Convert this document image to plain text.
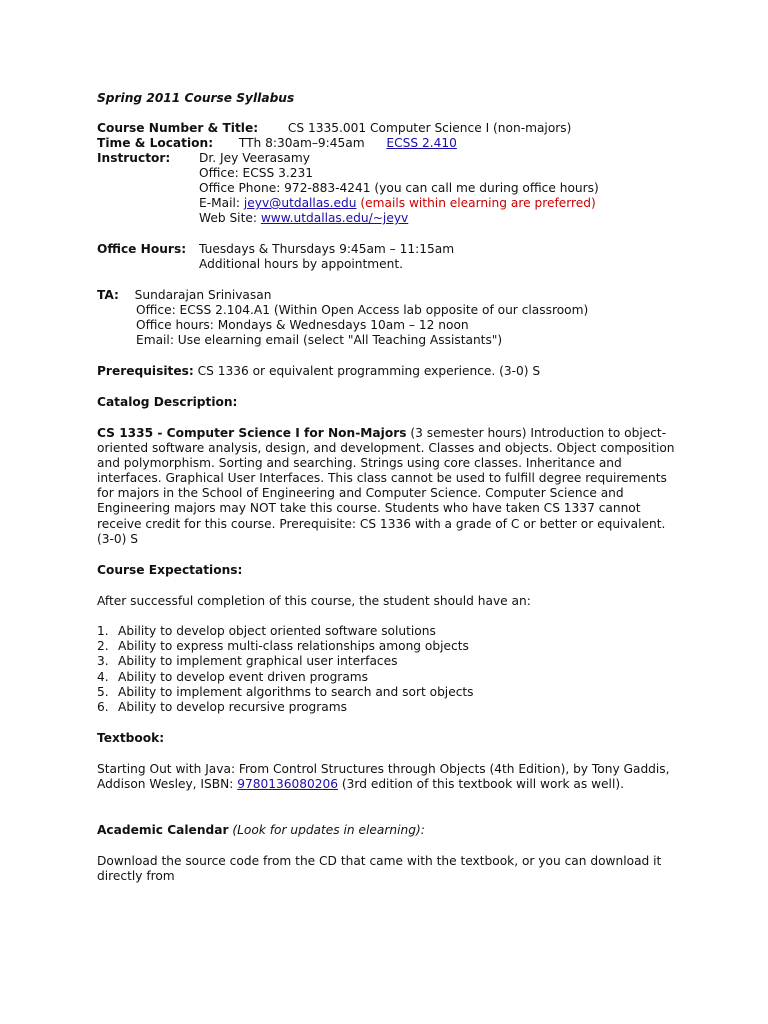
Spring 2011 Course Syllabus

Course Number & Title: CS 1335.001 Computer Science I (non-majors)

Time & Location: TTh 8:30am–9:45am ECSS 2.410

Instructor: Dr. Jey Veerasamy

Office: ECSS 3.231

Office Phone: 972-883-4241 (you can call me during office hours)

E-Mail: jeyv@utdallas.edu (emails within elearning are preferred)

Web Site: www.utdallas.edu/~jeyv

Office Hours: Tuesdays & Thursdays 9:45am – 11:15am

Additional hours by appointment.

TA: Sundarajan Srinivasan

Office: ECSS 2.104.A1 (Within Open Access lab opposite of our classroom)

Office hours: Mondays & Wednesdays 10am – 12 noon

Email: Use elearning email (select "All Teaching Assistants")

Prerequisites: CS 1336 or equivalent programming experience. (3-0) S

Catalog Description:

CS 1335 - Computer Science I for Non-Majors (3 semester hours) Introduction to object-oriented software analysis, design, and development. Classes and objects. Object composition and polymorphism. Sorting and searching. Strings using core classes. Inheritance and interfaces. Graphical User Interfaces. This class cannot be used to fulfill degree requirements for majors in the School of Engineering and Computer Science. Computer Science and Engineering majors may NOT take this course. Students who have taken CS 1337 cannot receive credit for this course. Prerequisite: CS 1336 with a grade of C or better or equivalent. (3-0) S

Course Expectations:

After successful completion of this course, the student should have an:

1. Ability to develop object oriented software solutions
2. Ability to express multi-class relationships among objects
3. Ability to implement graphical user interfaces
4. Ability to develop event driven programs
5. Ability to implement algorithms to search and sort objects
6. Ability to develop recursive programs

Textbook:

Starting Out with Java: From Control Structures through Objects (4th Edition), by Tony Gaddis, Addison Wesley, ISBN: 9780136080206 (3rd edition of this textbook will work as well).

Academic Calendar (Look for updates in elearning):

Download the source code from the CD that came with the textbook, or you can download it directly from
